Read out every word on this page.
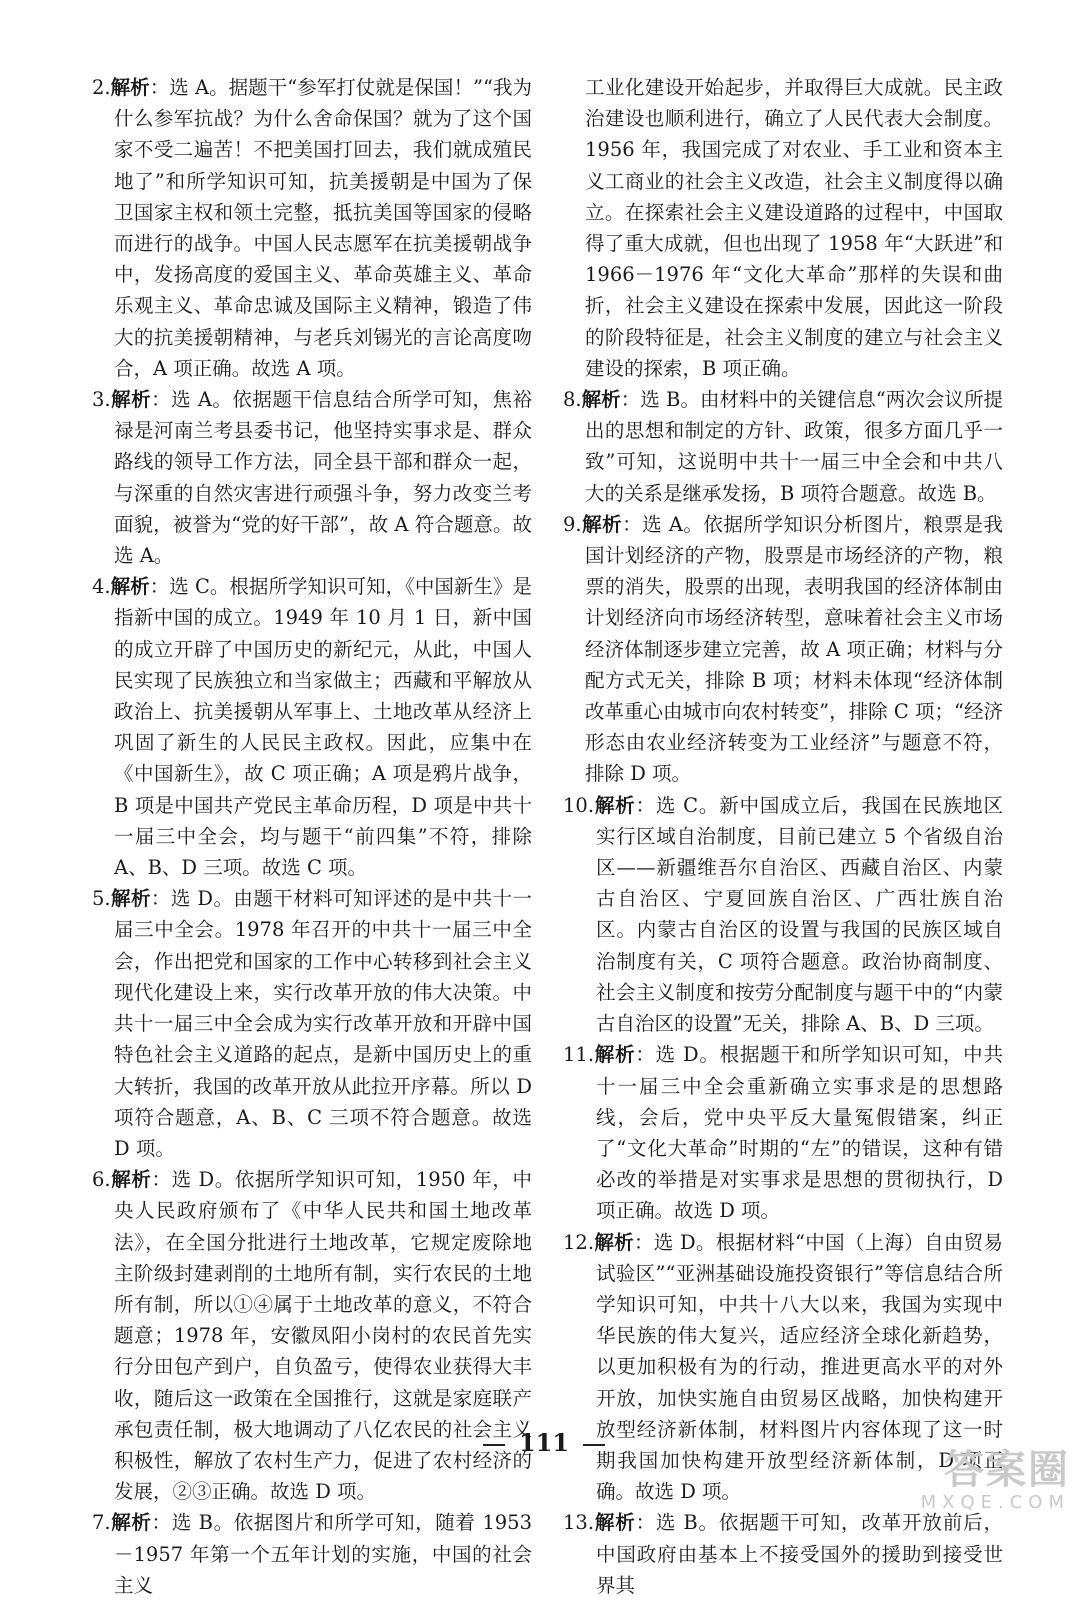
2.解析：选 A。据题干“参军打仗就是保国！”“我为什么参军抗战？为什么舍命保国？就为了这个国家不受二遍苦！不把美国打回去，我们就成殖民地了”和所学知识可知，抗美援朝是中国为了保卫国家主权和领土完整，抵抗美国等国家的侵略而进行的战争。中国人民志愿军在抗美援朝战争中，发扬高度的爱国主义、革命英雄主义、革命乐观主义、革命忠诚及国际主义精神，锻造了伟大的抗美援朝精神，与老兵刘锡光的言论高度吻合，A 项正确。故选 A 项。
3.解析：选 A。依据题干信息结合所学可知，焦裕禄是河南兰考县委书记，他坚持实事求是、群众路线的领导工作方法，同全县干部和群众一起，与深重的自然灾害进行顽强斗争，努力改变兰考面貌，被誉为“党的好干部”，故 A 符合题意。故选 A。
4.解析：选 C。根据所学知识可知，《中国新生》是指新中国的成立。1949 年 10 月 1 日，新中国的成立开辟了中国历史的新纪元，从此，中国人民实现了民族独立和当家做主；西藏和平解放从政治上、抗美援朝从军事上、土地改革从经济上巩固了新生的人民民主政权。因此，应集中在《中国新生》，故 C 项正确；A 项是鸦片战争，B 项是中国共产党民主革命历程，D 项是中共十一届三中全会，均与题干“前四集”不符，排除 A、B、D 三项。故选 C 项。
5.解析：选 D。由题干材料可知评述的是中共十一届三中全会。1978 年召开的中共十一届三中全会，作出把党和国家的工作中心转移到社会主义现代化建设上来，实行改革开放的伟大决策。中共十一届三中全会成为实行改革开放和开辟中国特色社会主义道路的起点，是新中国历史上的重大转折，我国的改革开放从此拉开序幕。所以 D 项符合题意，A、B、C 三项不符合题意。故选 D 项。
6.解析：选 D。依据所学知识可知，1950 年，中央人民政府颁布了《中华人民共和国土地改革法》，在全国分批进行土地改革，它规定废除地主阶级封建剥削的土地所有制，实行农民的土地所有制，所以①④属于土地改革的意义，不符合题意；1978 年，安徽凤阳小岗村的农民首先实行分田包产到户，自负盈亏，使得农业获得大丰收，随后这一政策在全国推行，这就是家庭联产承包责任制，极大地调动了八亿农民的社会主义积极性，解放了农村生产力，促进了农村经济的发展，②③正确。故选 D 项。
7.解析：选 B。依据图片和所学可知，随着 1953－1957 年第一个五年计划的实施，中国的社会主义

工业化建设开始起步，并取得巨大成就。民主政治建设也顺利进行，确立了人民代表大会制度。1956 年，我国完成了对农业、手工业和资本主义工商业的社会主义改造，社会主义制度得以确立。在探索社会主义建设道路的过程中，中国取得了重大成就，但也出现了 1958 年“大跃进”和 1966－1976 年“文化大革命”那样的失误和曲折，社会主义建设在探索中发展，因此这一阶段的阶段特征是，社会主义制度的建立与社会主义建设的探索，B 项正确。

8.解析：选 B。由材料中的关键信息“两次会议所提出的思想和制定的方针、政策，很多方面几乎一致”可知，这说明中共十一届三中全会和中共八大的关系是继承发扬，B 项符合题意。故选 B。
9.解析：选 A。依据所学知识分析图片，粮票是我国计划经济的产物，股票是市场经济的产物，粮票的消失，股票的出现，表明我国的经济体制由计划经济向市场经济转型，意味着社会主义市场经济体制逐步建立完善，故 A 项正确；材料与分配方式无关，排除 B 项；材料未体现“经济体制改革重心由城市向农村转变”，排除 C 项；“经济形态由农业经济转变为工业经济”与题意不符，排除 D 项。
10.解析：选 C。新中国成立后，我国在民族地区实行区域自治制度，目前已建立 5 个省级自治区——新疆维吾尔自治区、西藏自治区、内蒙古自治区、宁夏回族自治区、广西壮族自治区。内蒙古自治区的设置与我国的民族区域自治制度有关，C 项符合题意。政治协商制度、社会主义制度和按劳分配制度与题干中的“内蒙古自治区的设置”无关，排除 A、B、D 三项。
11.解析：选 D。根据题干和所学知识可知，中共十一届三中全会重新确立实事求是的思想路线，会后，党中央平反大量冤假错案，纠正了“文化大革命”时期的“左”的错误，这种有错必改的举措是对实事求是思想的贯彻执行，D 项正确。故选 D 项。
12.解析：选 D。根据材料“中国（上海）自由贸易试验区”“亚洲基础设施投资银行”等信息结合所学知识可知，中共十八大以来，我国为实现中华民族的伟大复兴，适应经济全球化新趋势，以更加积极有为的行动，推进更高水平的对外开放，加快实施自由贸易区战略，加快构建开放型经济新体制，材料图片内容体现了这一时期我国加快构建开放型经济新体制，D 项正确。故选 D 项。
13.解析：选 B。依据题干可知，改革开放前后，中国政府由基本上不接受国外的援助到接受世界其
111
答案圈
MXQE.COM
